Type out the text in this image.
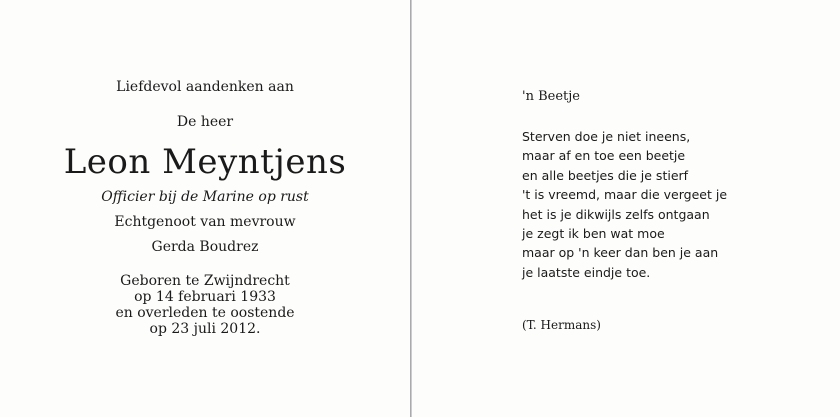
Liefdevol aandenken aan
De heer
Leon Meyntjens
Officier bij de Marine op rust
Echtgenoot van mevrouw
Gerda Boudrez
Geboren te Zwijndrecht
op 14 februari 1933
en overleden te oostende
op 23 juli 2012.
'n Beetje
Sterven doe je niet ineens,
maar af en toe een beetje
en alle beetjes die je stierf
't is vreemd, maar die vergeet je
het is je dikwijls zelfs ontgaan
je zegt ik ben wat moe
maar op 'n keer dan ben je aan
je laatste eindje toe.
(T. Hermans)
